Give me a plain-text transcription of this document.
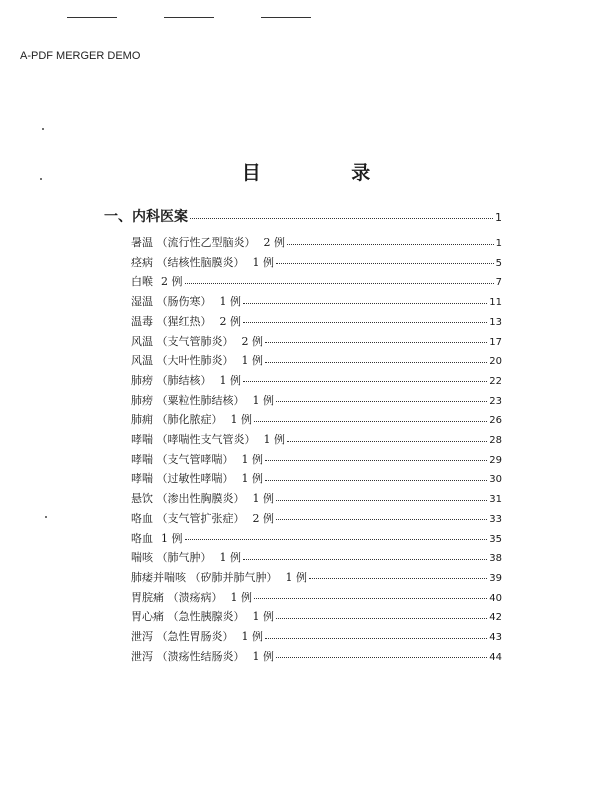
A-PDF MERGER DEMO
目 录
一、内科医案	1
暑温 （流行性乙型脑炎） 2 例	1
痉病 （结核性脑膜炎） 1 例	5
白喉 2 例	7
湿温 （肠伤寒） 1 例	11
温毒 （猩红热） 2 例	13
风温 （支气管肺炎） 2 例	17
风温 （大叶性肺炎） 1 例	20
肺痨 （肺结核） 1 例	22
肺痨 （粟粒性肺结核） 1 例	23
肺痈 （肺化脓症） 1 例	26
哮喘 （哮喘性支气管炎） 1 例	28
哮喘 （支气管哮喘） 1 例	29
哮喘 （过敏性哮喘） 1 例	30
悬饮 （渗出性胸膜炎） 1 例	31
咯血 （支气管扩张症） 2 例	33
咯血 1 例	35
喘咳 （肺气肿） 1 例	38
肺痿并喘咳 （矽肺并肺气肿） 1 例	39
胃脘痛 （溃疡病） 1 例	40
胃心痛 （急性胰腺炎） 1 例	42
泄泻 （急性胃肠炎） 1 例	43
泄泻 （溃疡性结肠炎） 1 例	44
